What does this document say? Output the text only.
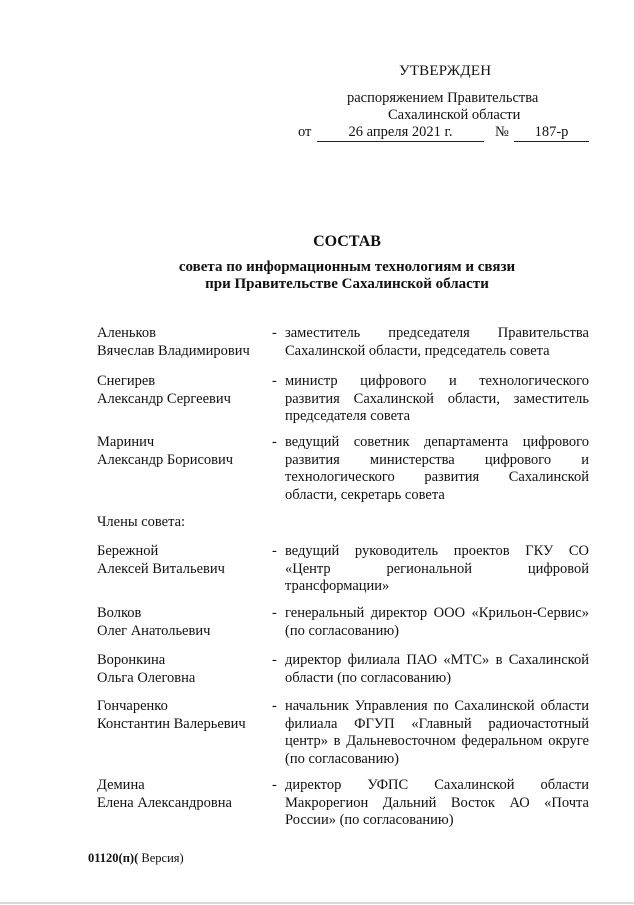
УТВЕРЖДЕН
распоряжением Правительства
Сахалинской области
от	26 апреля 2021 г.	№	187-р
СОСТАВ
совета по информационным технологиям и связи
при Правительстве Сахалинской области
Аленьков
Вячеслав Владимирович
- заместитель председателя Правительства Сахалинской области, председатель совета
Снегирев
Александр Сергеевич
- министр цифрового и технологического развития Сахалинской области, заместитель председателя совета
Маринич
Александр Борисович
- ведущий советник департамента цифрового развития министерства цифрового и технологического развития Сахалинской области, секретарь совета
Члены совета:
Бережной
Алексей Витальевич
- ведущий руководитель проектов ГКУ СО «Центр региональной цифровой трансформации»
Волков
Олег Анатольевич
- генеральный директор ООО «Крильон-Сервис» (по согласованию)
Воронкина
Ольга Олеговна
- директор филиала ПАО «МТС» в Сахалинской области (по согласованию)
Гончаренко
Константин Валерьевич
- начальник Управления по Сахалинской области филиала ФГУП «Главный радиочастотный центр» в Дальневосточном федеральном округе (по согласованию)
Демина
Елена Александровна
- директор УФПС Сахалинской области Макрорегион Дальний Восток АО «Почта России» (по согласованию)
01120(п)( Версия)
